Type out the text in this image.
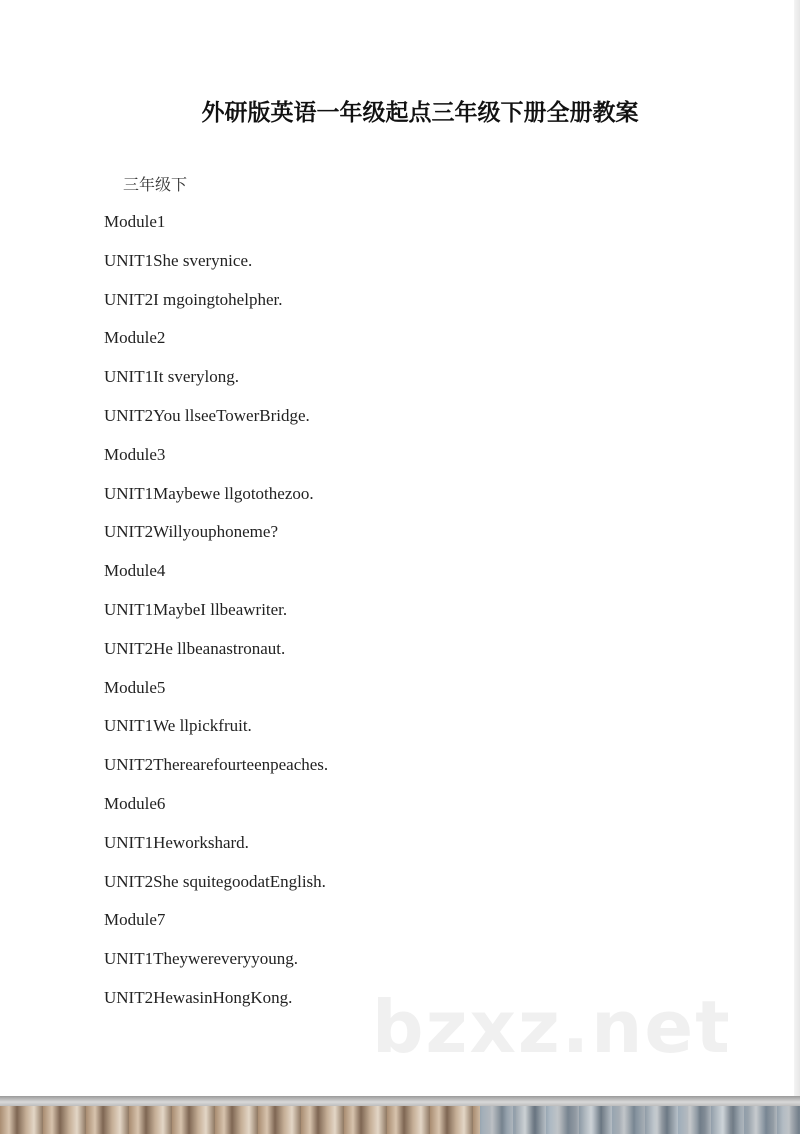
外研版英语一年级起点三年级下册全册教案
三年级下
Module1
UNIT1She sverynice.
UNIT2I mgoingtohelpher.
Module2
UNIT1It sverylong.
UNIT2You llseeTowerBridge.
Module3
UNIT1Maybewe llgotothezoo.
UNIT2Willyouphoneme?
Module4
UNIT1MaybeI llbeawriter.
UNIT2He llbeanastronaut.
Module5
UNIT1We llpickfruit.
UNIT2Therearefourteenpeaches.
Module6
UNIT1Heworkshard.
UNIT2She squitegoodatEnglish.
Module7
UNIT1Theywereveryyoung.
UNIT2HewasinHongKong.	bzxz.net
